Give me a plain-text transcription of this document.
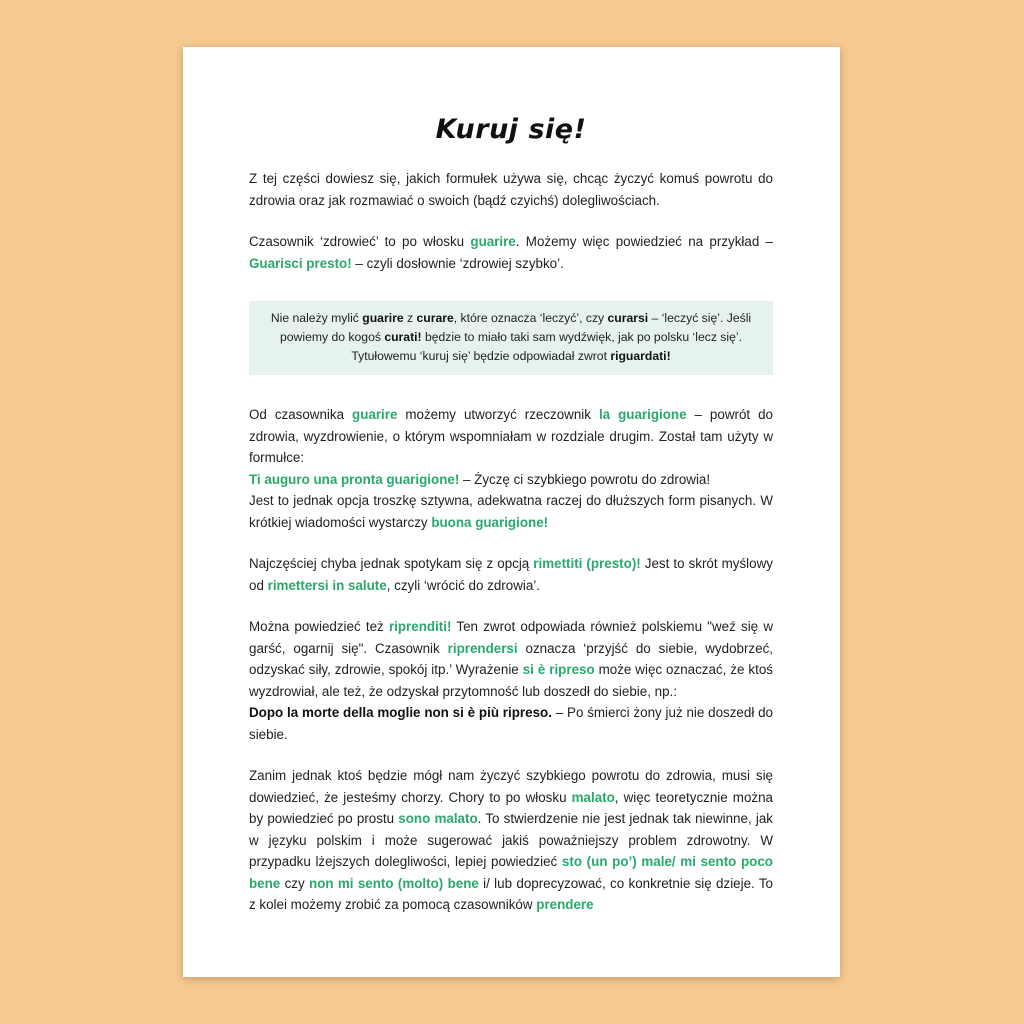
Kuruj się!

Z tej części dowiesz się, jakich formułek używa się, chcąc życzyć komuś powrotu do zdrowia oraz jak rozmawiać o swoich (bądź czyichś) dolegliwościach.

Czasownik ‘zdrowieć’ to po włosku guarire. Możemy więc powiedzieć na przykład – Guarisci presto! – czyli dosłownie ‘zdrowiej szybko’.

Nie należy mylić guarire z curare, które oznacza ‘leczyć’, czy curarsi – ‘leczyć się’. Jeśli powiemy do kogoś curati! będzie to miało taki sam wydźwięk, jak po polsku ‘lecz się’. Tytułowemu ‘kuruj się’ będzie odpowiadał zwrot riguardati!

Od czasownika guarire możemy utworzyć rzeczownik la guarigione – powrót do zdrowia, wyzdrowienie, o którym wspomniałam w rozdziale drugim. Został tam użyty w formułce:
Ti auguro una pronta guarigione! – Życzę ci szybkiego powrotu do zdrowia!
Jest to jednak opcja troszkę sztywna, adekwatna raczej do dłuższych form pisanych. W krótkiej wiadomości wystarczy buona guarigione!

Najczęściej chyba jednak spotykam się z opcją rimettiti (presto)! Jest to skrót myślowy od rimettersi in salute, czyli ‘wrócić do zdrowia’.

Można powiedzieć też riprenditi! Ten zwrot odpowiada również polskiemu "weź się w garść, ogarnij się". Czasownik riprendersi oznacza ‘przyjść do siebie, wydobrzeć, odzyskać siły, zdrowie, spokój itp.’ Wyrażenie si è ripreso może więc oznaczać, że ktoś wyzdrowiał, ale też, że odzyskał przytomność lub doszedł do siebie, np.:
Dopo la morte della moglie non si è più ripreso. – Po śmierci żony już nie doszedł do siebie.

Zanim jednak ktoś będzie mógł nam życzyć szybkiego powrotu do zdrowia, musi się dowiedzieć, że jesteśmy chorzy. Chory to po włosku malato, więc teoretycznie można by powiedzieć po prostu sono malato. To stwierdzenie nie jest jednak tak niewinne, jak w języku polskim i może sugerować jakiś poważniejszy problem zdrowotny. W przypadku lżejszych dolegliwości, lepiej powiedzieć sto (un po’) male/ mi sento poco bene czy non mi sento (molto) bene i/ lub doprecyzować, co konkretnie się dzieje. To z kolei możemy zrobić za pomocą czasowników prendere
